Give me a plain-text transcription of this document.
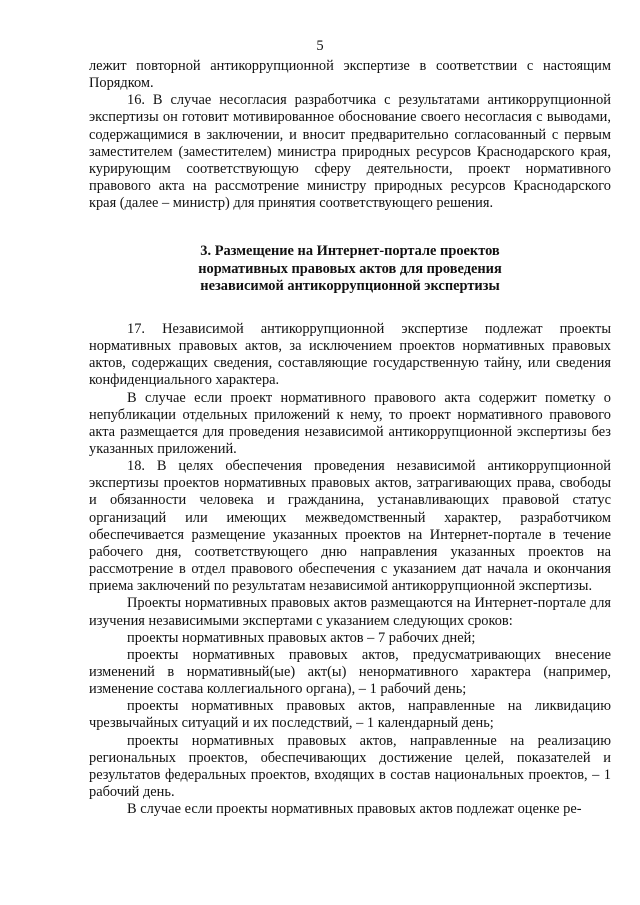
5

лежит повторной антикоррупционной экспертизе в соответствии с настоящим Порядком.

16. В случае несогласия разработчика с результатами антикоррупционной экспертизы он готовит мотивированное обоснование своего несогласия с выводами, содержащимися в заключении, и вносит предварительно согласованный с первым заместителем (заместителем) министра природных ресурсов Краснодарского края, курирующим соответствующую сферу деятельности, проект нормативного правового акта на рассмотрение министру природных ресурсов Краснодарского края (далее – министр) для принятия соответствующего решения.

3. Размещение на Интернет-портале проектов
нормативных правовых актов для проведения
независимой антикоррупционной экспертизы

17. Независимой антикоррупционной экспертизе подлежат проекты нормативных правовых актов, за исключением проектов нормативных правовых актов, содержащих сведения, составляющие государственную тайну, или сведения конфиденциального характера.

В случае если проект нормативного правового акта содержит пометку о непубликации отдельных приложений к нему, то проект нормативного правового акта размещается для проведения независимой антикоррупционной экспертизы без указанных приложений.

18. В целях обеспечения проведения независимой антикоррупционной экспертизы проектов нормативных правовых актов, затрагивающих права, свободы и обязанности человека и гражданина, устанавливающих правовой статус организаций или имеющих межведомственный характер, разработчиком обеспечивается размещение указанных проектов на Интернет-портале в течение рабочего дня, соответствующего дню направления указанных проектов на рассмотрение в отдел правового обеспечения с указанием дат начала и окончания приема заключений по результатам независимой антикоррупционной экспертизы.

Проекты нормативных правовых актов размещаются на Интернет-портале для изучения независимыми экспертами с указанием следующих сроков:

проекты нормативных правовых актов – 7 рабочих дней;

проекты нормативных правовых актов, предусматривающих внесение изменений в нормативный(ые) акт(ы) ненормативного характера (например, изменение состава коллегиального органа), – 1 рабочий день;

проекты нормативных правовых актов, направленные на ликвидацию чрезвычайных ситуаций и их последствий, – 1 календарный день;

проекты нормативных правовых актов, направленные на реализацию региональных проектов, обеспечивающих достижение целей, показателей и результатов федеральных проектов, входящих в состав национальных проектов, – 1 рабочий день.

В случае если проекты нормативных правовых актов подлежат оценке ре-
